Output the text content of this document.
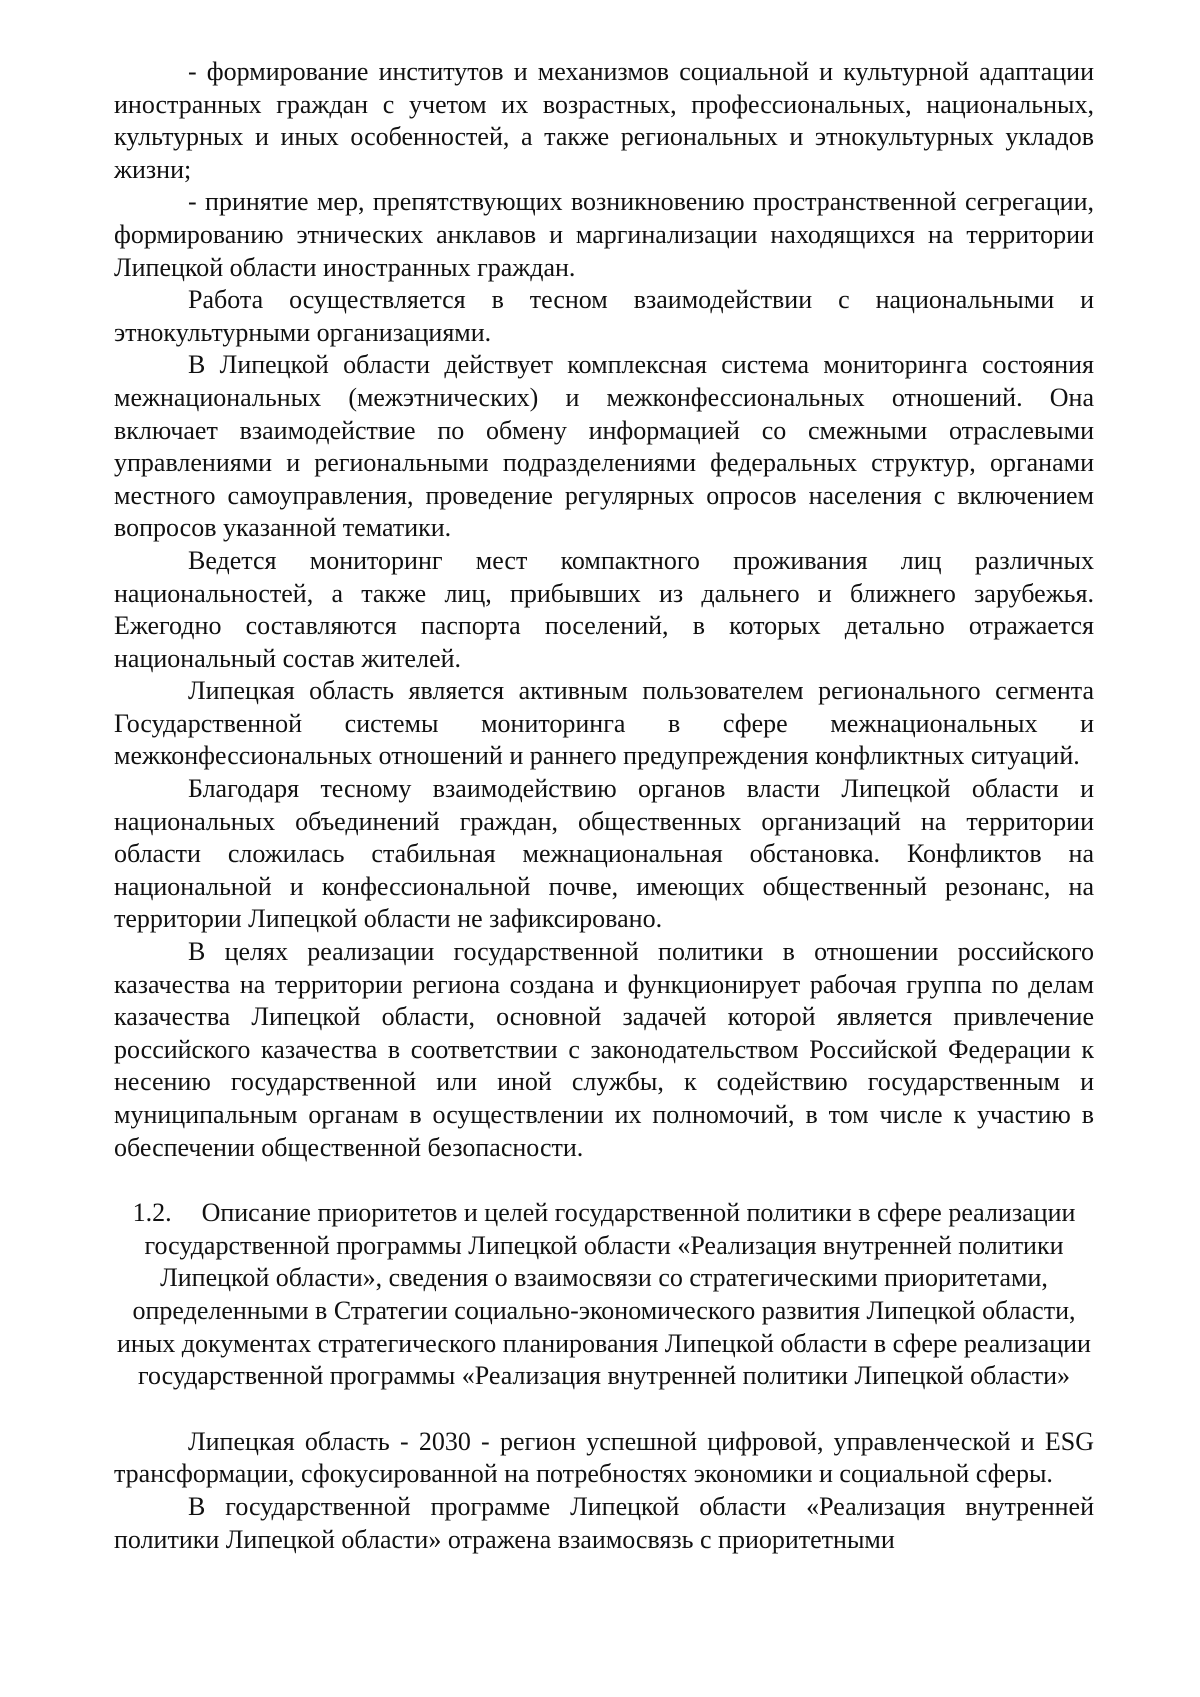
- формирование институтов и механизмов социальной и культурной адаптации иностранных граждан с учетом их возрастных, профессиональных, национальных, культурных и иных особенностей, а также региональных и этнокультурных укладов жизни;

- принятие мер, препятствующих возникновению пространственной сегрегации, формированию этнических анклавов и маргинализации находящихся на территории Липецкой области иностранных граждан.

Работа осуществляется в тесном взаимодействии с национальными и этнокультурными организациями.

В Липецкой области действует комплексная система мониторинга состояния межнациональных (межэтнических) и межконфессиональных отношений. Она включает взаимодействие по обмену информацией со смежными отраслевыми управлениями и региональными подразделениями федеральных структур, органами местного самоуправления, проведение регулярных опросов населения с включением вопросов указанной тематики.

Ведется мониторинг мест компактного проживания лиц различных национальностей, а также лиц, прибывших из дальнего и ближнего зарубежья. Ежегодно составляются паспорта поселений, в которых детально отражается национальный состав жителей.

Липецкая область является активным пользователем регионального сегмента Государственной системы мониторинга в сфере межнациональных и межконфессиональных отношений и раннего предупреждения конфликтных ситуаций.

Благодаря тесному взаимодействию органов власти Липецкой области и национальных объединений граждан, общественных организаций на территории области сложилась стабильная межнациональная обстановка. Конфликтов на национальной и конфессиональной почве, имеющих общественный резонанс, на территории Липецкой области не зафиксировано.

В целях реализации государственной политики в отношении российского казачества на территории региона создана и функционирует рабочая группа по делам казачества Липецкой области, основной задачей которой является привлечение российского казачества в соответствии с законодательством Российской Федерации к несению государственной или иной службы, к содействию государственным и муниципальным органам в осуществлении их полномочий, в том числе к участию в обеспечении общественной безопасности.

1.2. Описание приоритетов и целей государственной политики в сфере реализации государственной программы Липецкой области «Реализация внутренней политики Липецкой области», сведения о взаимосвязи со стратегическими приоритетами, определенными в Стратегии социально-экономического развития Липецкой области, иных документах стратегического планирования Липецкой области в сфере реализации государственной программы «Реализация внутренней политики Липецкой области»

Липецкая область - 2030 - регион успешной цифровой, управленческой и ESG трансформации, сфокусированной на потребностях экономики и социальной сферы.

В государственной программе Липецкой области «Реализация внутренней политики Липецкой области» отражена взаимосвязь с приоритетными
